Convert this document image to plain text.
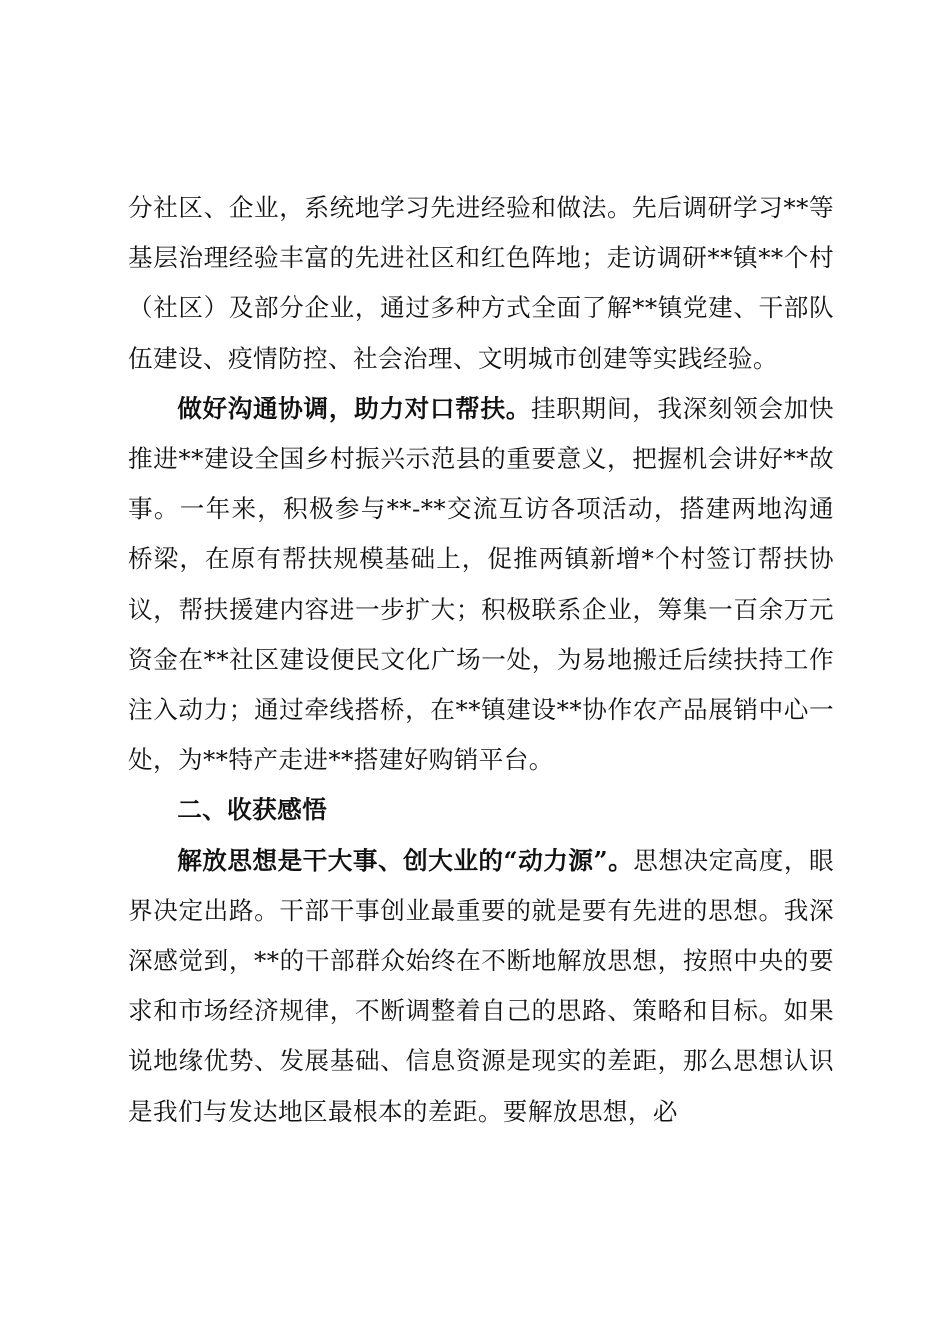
分社区、企业，系统地学习先进经验和做法。先后调研学习**等基层治理经验丰富的先进社区和红色阵地；走访调研**镇**个村（社区）及部分企业，通过多种方式全面了解**镇党建、干部队伍建设、疫情防控、社会治理、文明城市创建等实践经验。

做好沟通协调，助力对口帮扶。挂职期间，我深刻领会加快推进**建设全国乡村振兴示范县的重要意义，把握机会讲好**故事。一年来，积极参与**-**交流互访各项活动，搭建两地沟通桥梁，在原有帮扶规模基础上，促推两镇新增*个村签订帮扶协议，帮扶援建内容进一步扩大；积极联系企业，筹集一百余万元资金在**社区建设便民文化广场一处，为易地搬迁后续扶持工作注入动力；通过牵线搭桥，在**镇建设**协作农产品展销中心一处，为**特产走进**搭建好购销平台。

二、收获感悟

解放思想是干大事、创大业的“动力源”。思想决定高度，眼界决定出路。干部干事创业最重要的就是要有先进的思想。我深深感觉到，**的干部群众始终在不断地解放思想，按照中央的要求和市场经济规律，不断调整着自己的思路、策略和目标。如果说地缘优势、发展基础、信息资源是现实的差距，那么思想认识是我们与发达地区最根本的差距。要解放思想，必
